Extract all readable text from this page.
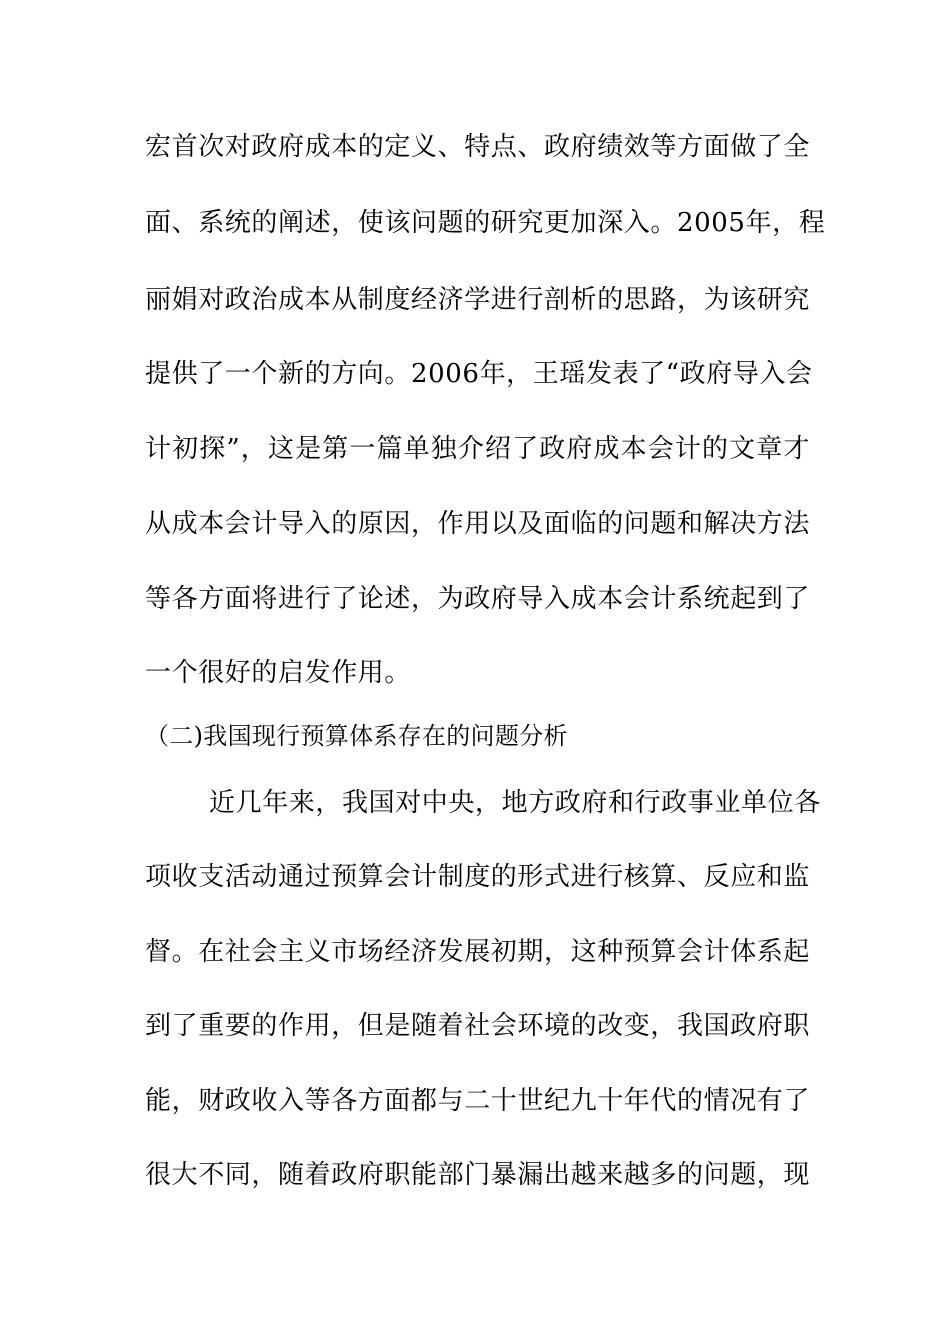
宏首次对政府成本的定义、特点、政府绩效等方面做了全
面、系统的阐述，使该问题的研究更加深入。2005年，程
丽娟对政治成本从制度经济学进行剖析的思路，为该研究
提供了一个新的方向。2006年，王瑶发表了“政府导入会
计初探”，这是第一篇单独介绍了政府成本会计的文章才
从成本会计导入的原因，作用以及面临的问题和解决方法
等各方面将进行了论述，为政府导入成本会计系统起到了
一个很好的启发作用。
（二)我国现行预算体系存在的问题分析
近几年来，我国对中央，地方政府和行政事业单位各
项收支活动通过预算会计制度的形式进行核算、反应和监
督。在社会主义市场经济发展初期，这种预算会计体系起
到了重要的作用，但是随着社会环境的改变，我国政府职
能，财政收入等各方面都与二十世纪九十年代的情况有了
很大不同，随着政府职能部门暴漏出越来越多的问题，现
